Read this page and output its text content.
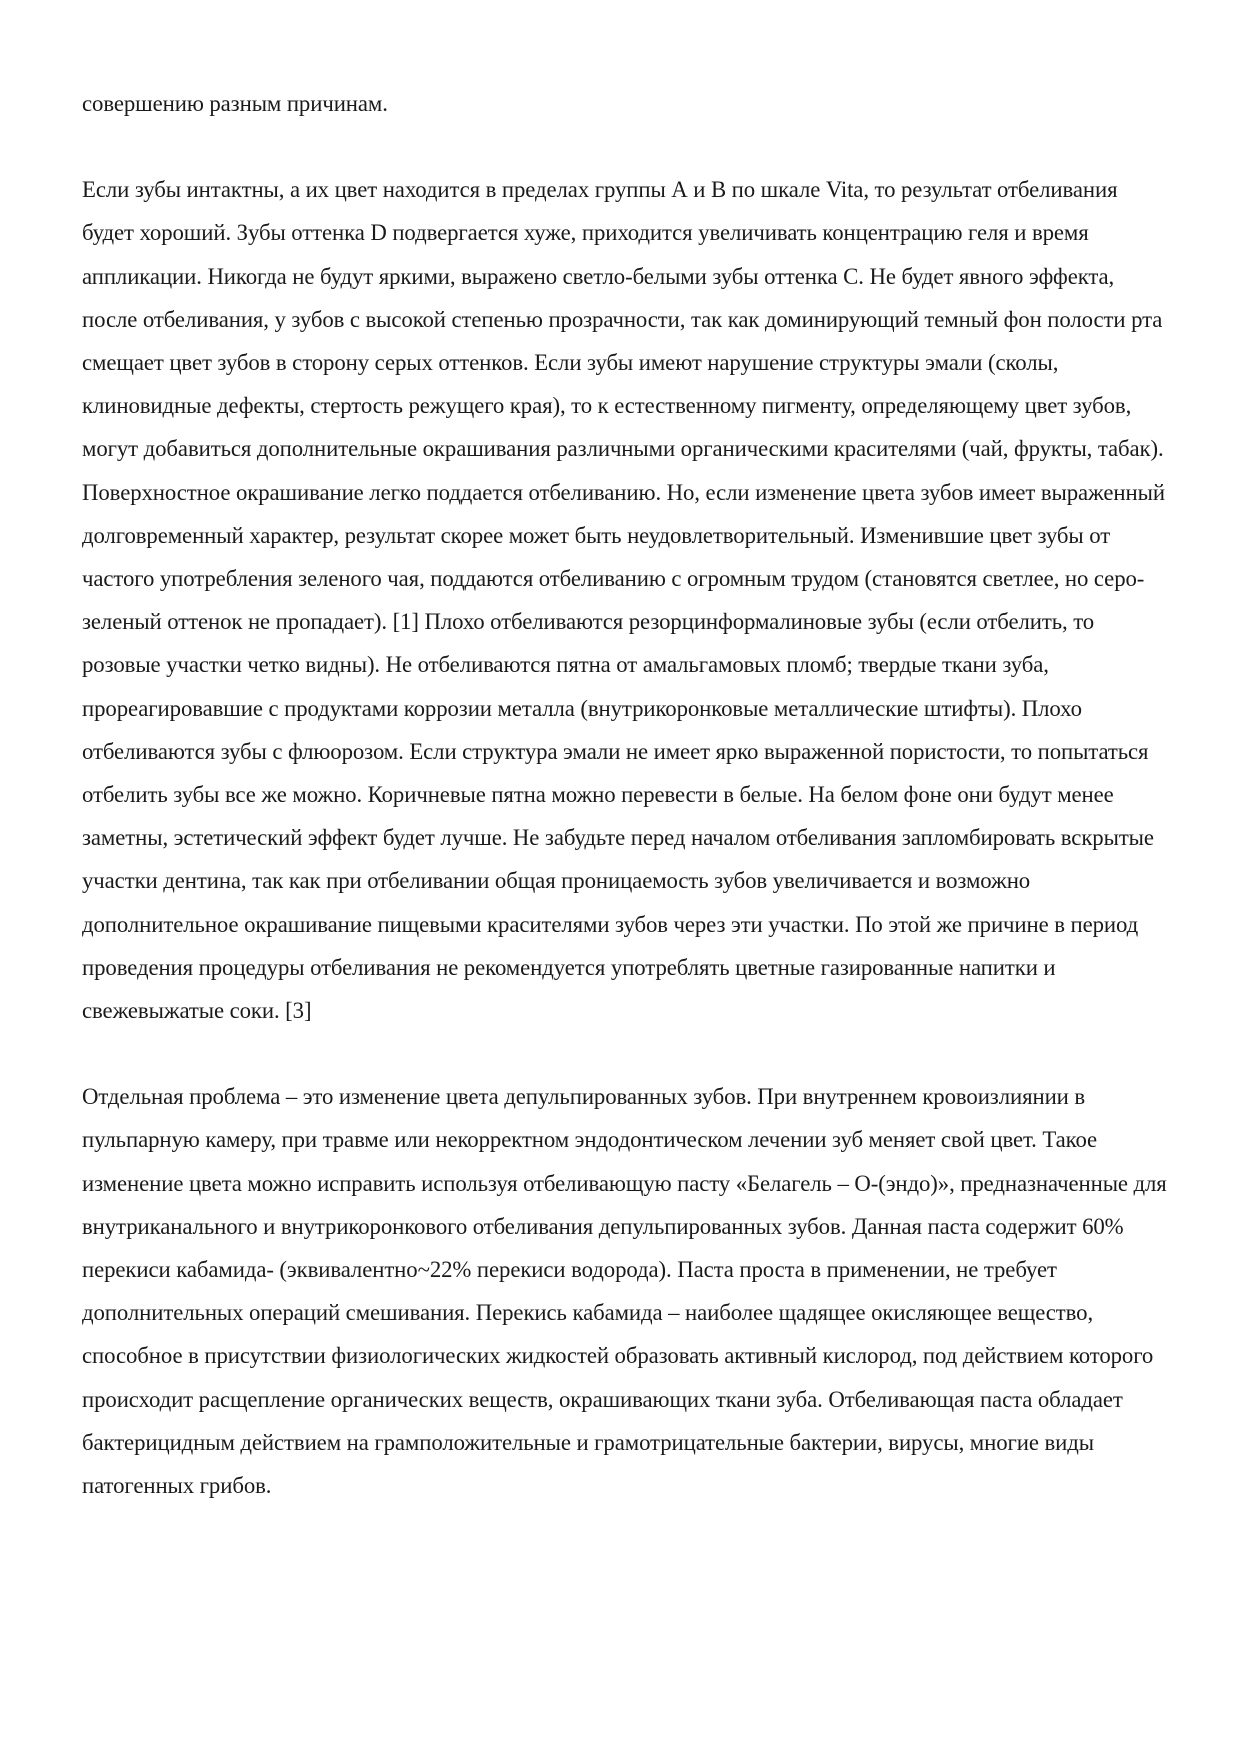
совершению разным причинам.

Если зубы интактны, а их цвет находится в пределах группы А и В по шкале Vita, то результат отбеливания будет хороший. Зубы оттенка D подвергается хуже, приходится увеличивать концентрацию геля и время аппликации. Никогда не будут яркими, выражено светло-белыми зубы оттенка С. Не будет явного эффекта, после отбеливания, у зубов с высокой степенью прозрачности, так как доминирующий темный фон полости рта смещает цвет зубов в сторону серых оттенков. Если зубы имеют нарушение структуры эмали (сколы, клиновидные дефекты, стертость режущего края), то к естественному пигменту, определяющему цвет зубов, могут добавиться дополнительные окрашивания различными органическими красителями (чай, фрукты, табак). Поверхностное окрашивание легко поддается отбеливанию. Но, если изменение цвета зубов имеет выраженный долговременный характер, результат скорее может быть неудовлетворительный. Изменившие цвет зубы от частого употребления зеленого чая, поддаются отбеливанию с огромным трудом (становятся светлее, но серо-зеленый оттенок не пропадает). [1] Плохо отбеливаются резорцинформалиновые зубы (если отбелить, то розовые участки четко видны). Не отбеливаются пятна от амальгамовых пломб; твердые ткани зуба, прореагировавшие с продуктами коррозии металла (внутрикоронковые металлические штифты). Плохо отбеливаются зубы с флюорозом. Если структура эмали не имеет ярко выраженной пористости, то попытаться отбелить зубы все же можно. Коричневые пятна можно перевести в белые. На белом фоне они будут менее заметны, эстетический эффект будет лучше. Не забудьте перед началом отбеливания запломбировать вскрытые участки дентина, так как при отбеливании общая проницаемость зубов увеличивается и возможно дополнительное окрашивание пищевыми красителями зубов через эти участки. По этой же причине в период проведения процедуры отбеливания не рекомендуется употреблять цветные газированные напитки и свежевыжатые соки. [3]

Отдельная проблема – это изменение цвета депульпированных зубов. При внутреннем кровоизлиянии в пульпарную камеру, при травме или некорректном эндодонтическом лечении зуб меняет свой цвет. Такое изменение цвета можно исправить используя отбеливающую пасту «Белагель – О-(эндо)», предназначенные для внутриканального и внутрикоронкового отбеливания депульпированных зубов. Данная паста содержит 60% перекиси кабамида- (эквивалентно~22% перекиси водорода). Паста проста в применении, не требует дополнительных операций смешивания. Перекись кабамида – наиболее щадящее окисляющее вещество, способное в присутствии физиологических жидкостей образовать активный кислород, под действием которого происходит расщепление органических веществ, окрашивающих ткани зуба. Отбеливающая паста обладает бактерицидным действием на грамположительные и грамотрицательные бактерии, вирусы, многие виды патогенных грибов.
